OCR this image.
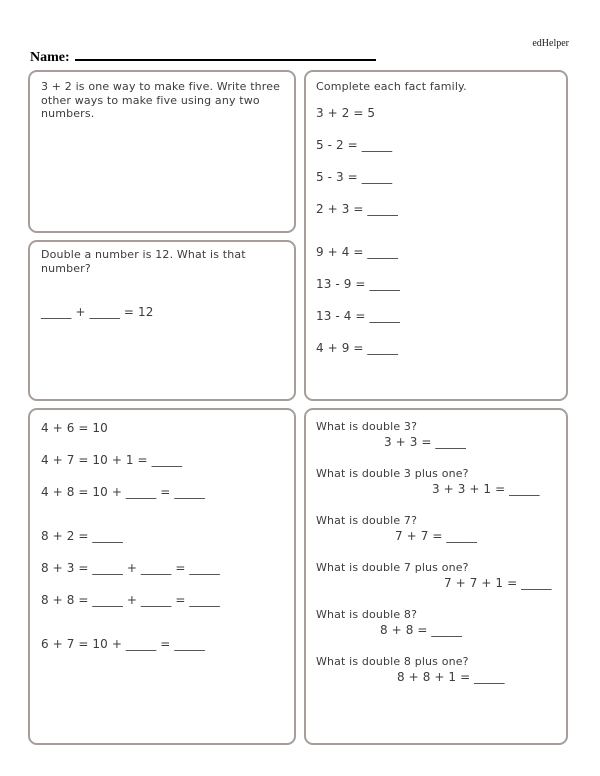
edHelper
Name:

3 + 2 is one way to make five. Write three other ways to make five using any two numbers.

Double a number is 12. What is that number?

_____ + _____ = 12

Complete each fact family.

3 + 2 = 5
5 - 2 = _____
5 - 3 = _____
2 + 3 = _____
9 + 4 = _____
13 - 9 = _____
13 - 4 = _____
4 + 9 = _____
4 + 6 = 10
4 + 7 = 10 + 1 = _____
4 + 8 = 10 + _____ = _____
8 + 2 = _____
8 + 3 = _____ + _____ = _____
8 + 8 = _____ + _____ = _____
6 + 7 = 10 + _____ = _____
What is double 3?
3 + 3 = _____
What is double 3 plus one?
3 + 3 + 1 = _____
What is double 7?
7 + 7 = _____
What is double 7 plus one?
7 + 7 + 1 = _____
What is double 8?
8 + 8 = _____
What is double 8 plus one?
8 + 8 + 1 = _____
